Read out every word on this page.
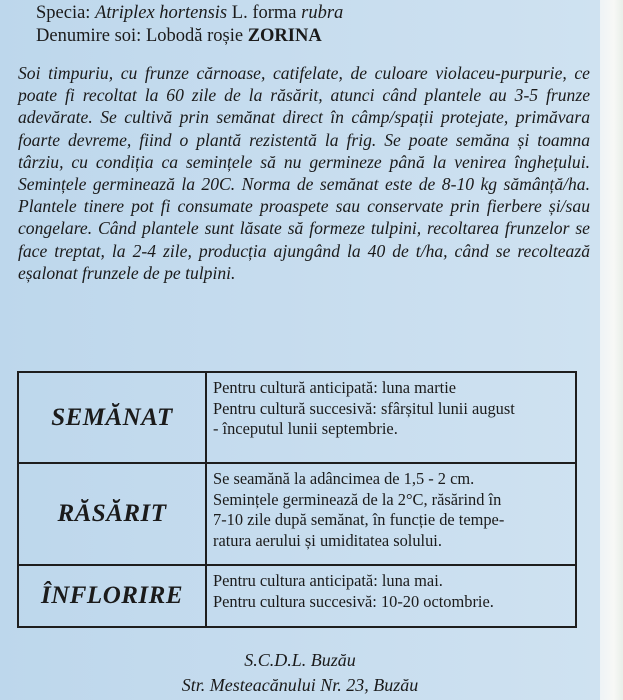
Specia: Atriplex hortensis L. forma rubra
Denumire soi: Lobodă roșie ZORINA
Soi timpuriu, cu frunze cărnoase, catifelate, de culoare violaceu-purpurie, ce poate fi recoltat la 60 zile de la răsărit, atunci când plantele au 3-5 frunze adevărate. Se cultivă prin semănat direct în câmp/spații protejate, primăvara foarte devreme, fiind o plantă rezistentă la frig. Se poate semăna și toamna târziu, cu condiția ca semințele să nu germineze până la venirea înghețului. Semințele germinează la 20C. Norma de semănat este de 8-10 kg sămânță/ha. Plantele tinere pot fi consumate proaspete sau conservate prin fierbere și/sau congelare. Când plantele sunt lăsate să formeze tulpini, recoltarea frunzelor se face treptat, la 2-4 zile, producția ajungând la 40 de t/ha, când se recoltează eșalonat frunzele de pe tulpini.
SEMĂNAT
Pentru cultură anticipată: luna martie
Pentru cultură succesivă: sfârșitul lunii august
- începutul lunii septembrie.
RĂSĂRIT
Se seamănă la adâncimea de 1,5 - 2 cm.
Semințele germinează de la 2°C, răsărind în
7-10 zile după semănat, în funcție de tempe-
ratura aerului și umiditatea solului.
ÎNFLORIRE
Pentru cultura anticipată: luna mai.
Pentru cultura succesivă: 10-20 octombrie.
S.C.D.L. Buzău
Str. Mesteacănului Nr. 23, Buzău
